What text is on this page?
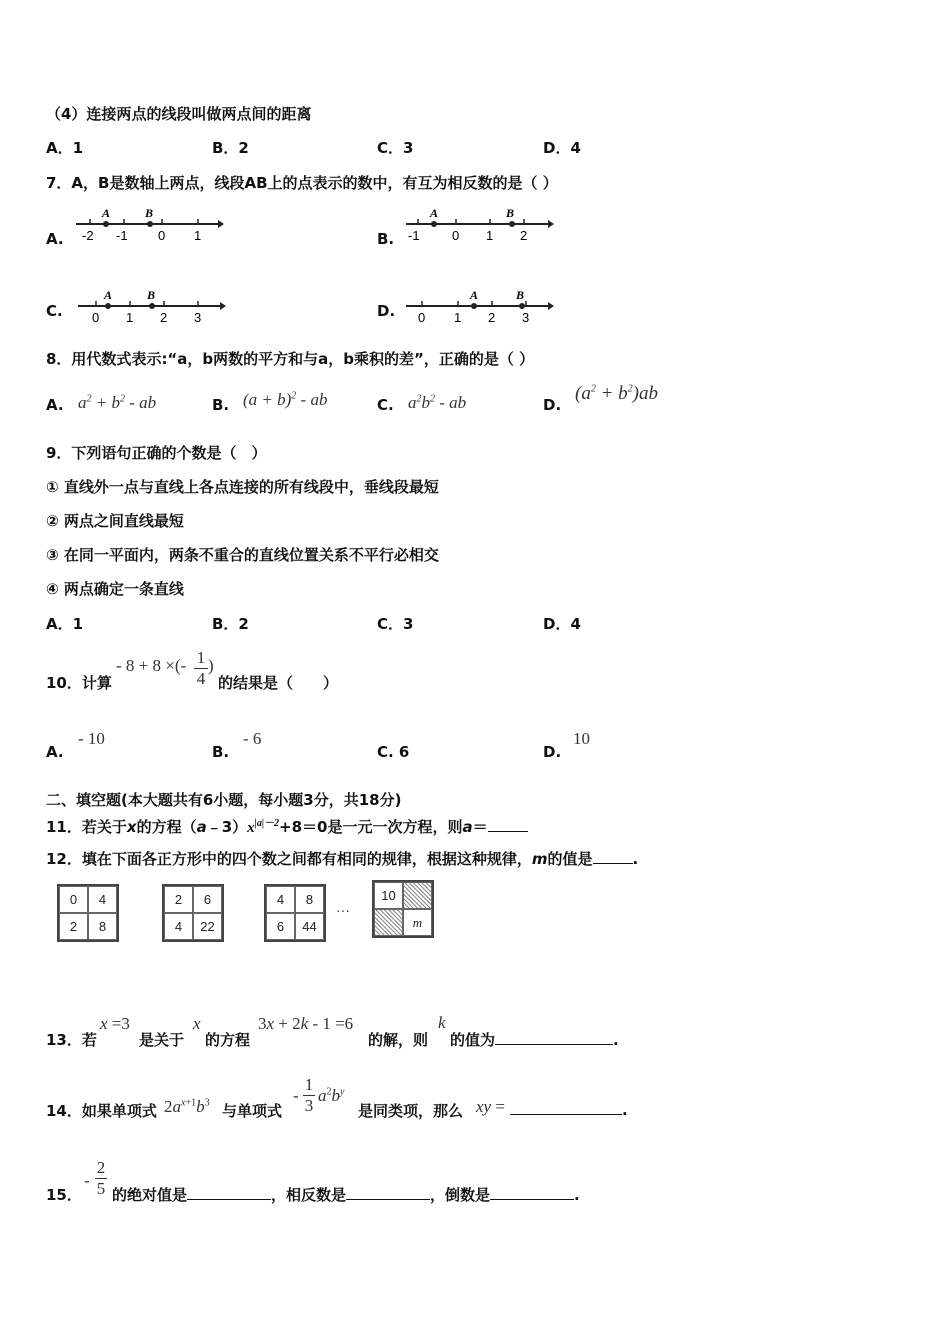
（4）连接两点的线段叫做两点间的距离
A．1	B．2	C．3	D．4
7．A，B是数轴上两点，线段AB上的点表示的数中，有互为相反数的是（ ）
A.
A	B
-2 -1 0 1	B.
A	B
-1 0 1 2
C.
A	B
0 1 2 3	D.
A	B
0 1 2 3
8．用代数式表示:“a，b两数的平方和与a，b乘积的差”，正确的是（ ）
A. $a^2 + b^2$ - ab	B. $(a + b)^2$ - ab	C. $a^2b^2$ - ab	D.
$(a^2 + b^2)ab$
9．下列语句正确的个数是（　）
① 直线外一点与直线上各点连接的所有线段中，垂线段最短
② 两点之间直线最短
③ 在同一平面内，两条不重合的直线位置关系不平行必相交
④ 两点确定一条直线
A．1	B．2	C．3	D．4
10．计算
- 8 + 8 ×(- $\frac{1}{4}$ )
的结果是（　　）
A.
- 10
B.
- 6
C. 6	D.
10
二、填空题(本大题共有6小题，每小题3分，共18分)
11．若关于x的方程$(a﹣3)x^{|a|-2}+8=0$是一元一次方程，则a＝
12．填在下面各正方形中的四个数之间都有相同的规律，根据这种规律，m的值是	.
0	4
2	8
2	6
4	22
4	8
6	44
···
10
m
13．若
x =3
是关于
x
的方程
3x + 2k - 1 =6
的解，则
k
的值为	.
14．如果单项式 $2a^{x+1}b^3$ 与单项式
- $\frac{1}{3} a^2b^y$
是同类项，那么 xy =	.
15．
- $\frac{2}{5}$ 的绝对值是	，相反数是	，倒数是	.
